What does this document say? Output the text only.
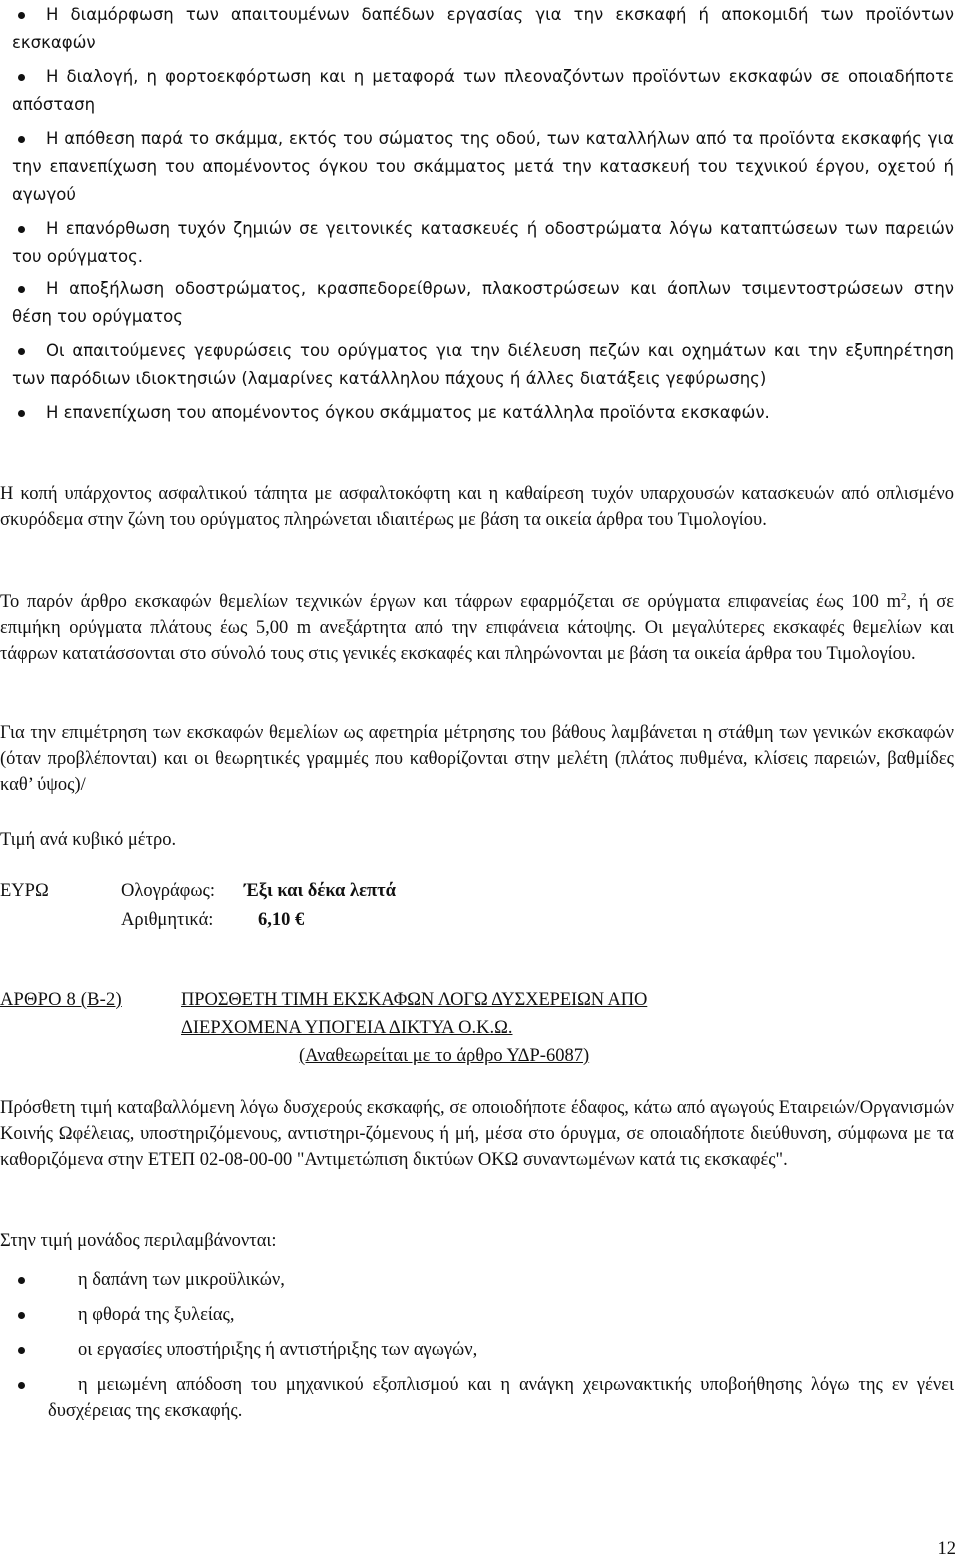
Η διαμόρφωση των απαιτουμένων δαπέδων εργασίας για την εκσκαφή ή αποκομιδή των προϊόντων εκσκαφών

Η διαλογή, η φορτοεκφόρτωση και η μεταφορά των πλεοναζόντων προϊόντων εκσκαφών σε οποιαδήποτε απόσταση

Η απόθεση παρά το σκάμμα, εκτός του σώματος της οδού, των καταλλήλων από τα προϊόντα εκσκαφής για την επανεπίχωση του απομένοντος όγκου του σκάμματος μετά την κατασκευή του τεχνικού έργου, οχετού ή αγωγού

Η επανόρθωση τυχόν ζημιών σε γειτονικές κατασκευές ή οδοστρώματα λόγω καταπτώσεων των παρειών του ορύγματος.

Η αποξήλωση οδοστρώματος, κρασπεδορείθρων, πλακοστρώσεων και άοπλων τσιμεντοστρώσεων στην θέση του ορύγματος

Οι απαιτούμενες γεφυρώσεις του ορύγματος για την διέλευση πεζών και οχημάτων και την εξυπηρέτηση των παρόδιων ιδιοκτησιών (λαμαρίνες κατάλληλου πάχους ή άλλες διατάξεις γεφύρωσης)

Η επανεπίχωση του απομένοντος όγκου σκάμματος με κατάλληλα προϊόντα εκσκαφών.

Η κοπή υπάρχοντος ασφαλτικού τάπητα με ασφαλτοκόφτη και η καθαίρεση τυχόν υπαρχουσών κατασκευών από οπλισμένο σκυρόδεμα στην ζώνη του ορύγματος πληρώνεται ιδιαιτέρως με βάση τα οικεία άρθρα του Τιμολογίου.

Το παρόν άρθρο εκσκαφών θεμελίων τεχνικών έργων και τάφρων εφαρμόζεται σε ορύγματα επιφανείας έως 100 $m^2$, ή σε επιμήκη ορύγματα πλάτους έως 5,00 m ανεξάρτητα από την επιφάνεια κάτοψης. Οι μεγαλύτερες εκσκαφές θεμελίων και τάφρων κατατάσσονται στο σύνολό τους στις γενικές εκσκαφές και πληρώνονται με βάση τα οικεία άρθρα του Τιμολογίου.

Για την επιμέτρηση των εκσκαφών θεμελίων ως αφετηρία μέτρησης του βάθους λαμβάνεται η στάθμη των γενικών εκσκαφών (όταν προβλέπονται) και οι θεωρητικές γραμμές που καθορίζονται στην μελέτη (πλάτος πυθμένα, κλίσεις παρειών, βαθμίδες καθ’ ύψος)/

Τιμή ανά κυβικό μέτρο.

ΕΥΡΩ	Ολογράφως: Έξι και δέκα λεπτά
Αριθμητικά: 6,10 €
ΑΡΘΡΟ 8 (Β-2)	ΠΡΟΣΘΕΤΗ ΤΙΜΗ ΕΚΣΚΑΦΩΝ ΛΟΓΩ ΔΥΣΧΕΡΕΙΩΝ ΑΠΟ
ΔΙΕΡΧΟΜΕΝΑ ΥΠΟΓΕΙΑ ΔΙΚΤΥΑ Ο.Κ.Ω.
(Αναθεωρείται με το άρθρο ΥΔΡ-6087)

Πρόσθετη τιμή καταβαλλόμενη λόγω δυσχερούς εκσκαφής, σε οποιοδήποτε έδαφος, κάτω από αγωγούς Εταιρειών/Οργανισμών Κοινής Ωφέλειας, υποστηριζόμενους, αντιστηρι-ζόμενους ή μή, μέσα στο όρυγμα, σε οποιαδήποτε διεύθυνση, σύμφωνα με τα καθοριζόμενα στην ΕΤΕΠ 02-08-00-00 "Αντιμετώπιση δικτύων ΟΚΩ συναντωμένων κατά τις εκσκαφές".

Στην τιμή μονάδος περιλαμβάνονται:

η δαπάνη των μικροϋλικών,

η φθορά της ξυλείας,

οι εργασίες υποστήριξης ή αντιστήριξης των αγωγών,

η μειωμένη απόδοση του μηχανικού εξοπλισμού και η ανάγκη χειρωνακτικής υποβοήθησης λόγω της εν γένει δυσχέρειας της εκσκαφής.

12
